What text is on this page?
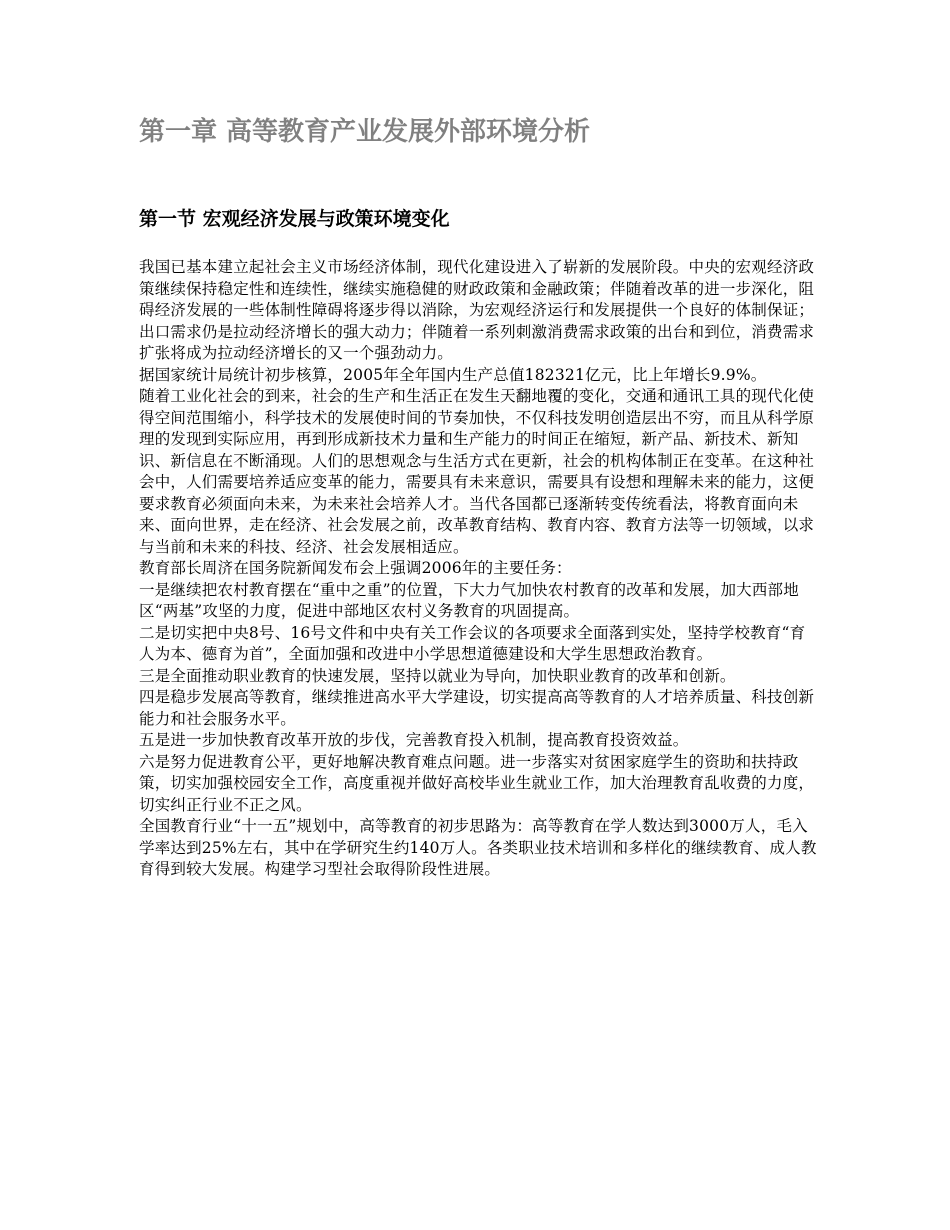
第一章 高等教育产业发展外部环境分析
第一节 宏观经济发展与政策环境变化

我国已基本建立起社会主义市场经济体制，现代化建设进入了崭新的发展阶段。中央的宏观经济政策继续保持稳定性和连续性，继续实施稳健的财政政策和金融政策；伴随着改革的进一步深化，阻碍经济发展的一些体制性障碍将逐步得以消除，为宏观经济运行和发展提供一个良好的体制保证；出口需求仍是拉动经济增长的强大动力；伴随着一系列刺激消费需求政策的出台和到位，消费需求扩张将成为拉动经济增长的又一个强劲动力。

据国家统计局统计初步核算，2005年全年国内生产总值182321亿元，比上年增长9.9%。

随着工业化社会的到来，社会的生产和生活正在发生天翻地覆的变化，交通和通讯工具的现代化使得空间范围缩小，科学技术的发展使时间的节奏加快，不仅科技发明创造层出不穷，而且从科学原理的发现到实际应用，再到形成新技术力量和生产能力的时间正在缩短，新产品、新技术、新知识、新信息在不断涌现。人们的思想观念与生活方式在更新，社会的机构体制正在变革。在这种社会中，人们需要培养适应变革的能力，需要具有未来意识，需要具有设想和理解未来的能力，这便要求教育必须面向未来，为未来社会培养人才。当代各国都已逐渐转变传统看法，将教育面向未来、面向世界，走在经济、社会发展之前，改革教育结构、教育内容、教育方法等一切领域，以求与当前和未来的科技、经济、社会发展相适应。

教育部长周济在国务院新闻发布会上强调2006年的主要任务：

一是继续把农村教育摆在“重中之重”的位置，下大力气加快农村教育的改革和发展，加大西部地区“两基”攻坚的力度，促进中部地区农村义务教育的巩固提高。

二是切实把中央8号、16号文件和中央有关工作会议的各项要求全面落到实处，坚持学校教育“育人为本、德育为首”，全面加强和改进中小学思想道德建设和大学生思想政治教育。

三是全面推动职业教育的快速发展，坚持以就业为导向，加快职业教育的改革和创新。

四是稳步发展高等教育，继续推进高水平大学建设，切实提高高等教育的人才培养质量、科技创新能力和社会服务水平。

五是进一步加快教育改革开放的步伐，完善教育投入机制，提高教育投资效益。

六是努力促进教育公平，更好地解决教育难点问题。进一步落实对贫困家庭学生的资助和扶持政策，切实加强校园安全工作，高度重视并做好高校毕业生就业工作，加大治理教育乱收费的力度，切实纠正行业不正之风。

全国教育行业“十一五”规划中，高等教育的初步思路为：高等教育在学人数达到3000万人，毛入学率达到25%左右，其中在学研究生约140万人。各类职业技术培训和多样化的继续教育、成人教育得到较大发展。构建学习型社会取得阶段性进展。
